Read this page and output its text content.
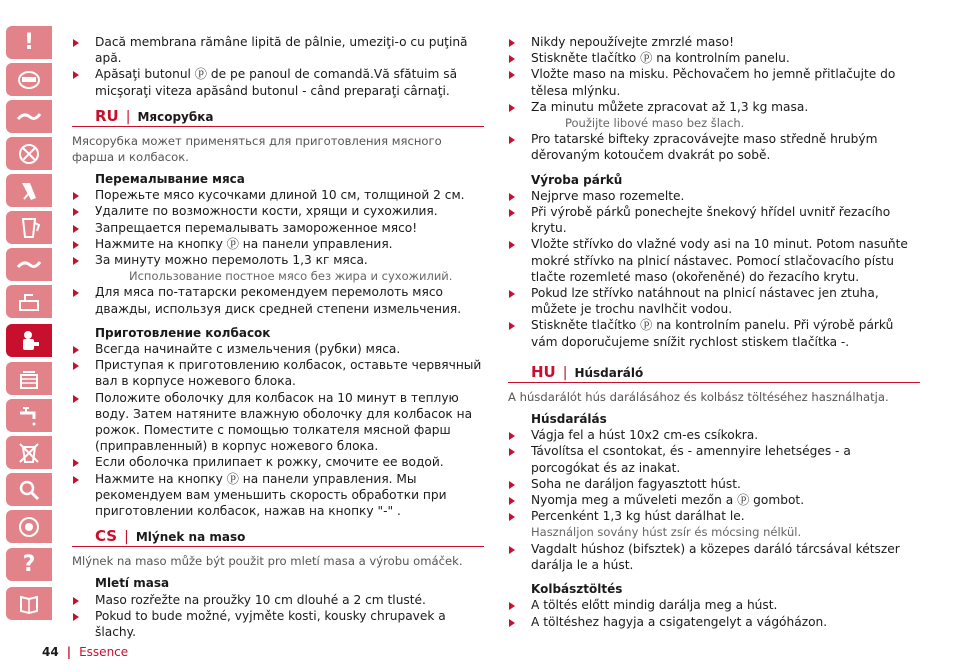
!
?

Dacă membrana rămâne lipită de pâlnie, umeziţi-o cu puţină apă.

Apăsaţi butonul ⓟ de pe panoul de comandă.Vă sfătuim să micşoraţi viteza apăsând butonul - când preparaţi cârnaţi.

RU | Мясорубка

Мясорубка может применяться для приготовления мясного фарша и колбасок.

Перемалывание мяса

Порежьте мясо кусочками длиной 10 см, толщиной 2 см.

Удалите по возможности кости, хрящи и сухожилия.

Запрещается перемалывать замороженное мясо!

Нажмите на кнопку ⓟ на панели управления.

За минуту можно перемолоть 1,3 кг мяса.

Использование постное мясо без жира и сухожилий.

Для мяса по-татарски рекомендуем перемолоть мясо дважды, используя диск средней степени измельчения.

Приготовление колбасок

Всегда начинайте с измельчения (рубки) мяса.

Приступая к приготовлению колбасок, оставьте червячный вал в корпусе ножевого блока.

Положите оболочку для колбасок на 10 минут в теплую воду. Затем натяните влажную оболочку для колбасок на рожок. Поместите с помощью толкателя мясной фарш (приправленный) в корпус ножевого блока.

Если оболочка прилипает к рожку, смочите ее водой.

Нажмите на кнопку ⓟ на панели управления. Мы рекомендуем вам уменьшить скорость обработки при приготовлении колбасок, нажав на кнопку "-" .

CS | Mlýnek na maso

Mlýnek na maso může být použit pro mletí masa a výrobu omáček.

Mletí masa

Maso rozřežte na proužky 10 cm dlouhé a 2 cm tlusté.

Pokud to bude možné, vyjměte kosti, kousky chrupavek a šlachy.

Nikdy nepoužívejte zmrzlé maso!

Stiskněte tlačítko ⓟ na kontrolním panelu.

Vložte maso na misku. Pěchovačem ho jemně přitlačujte do tělesa mlýnku.

Za minutu můžete zpracovat až 1,3 kg masa.

Použijte libové maso bez šlach.

Pro tatarské bifteky zpracovávejte maso středně hrubým děrovaným kotoučem dvakrát po sobě.

Výroba párků

Nejprve maso rozemelte.

Při výrobě párků ponechejte šnekový hřídel uvnitř řezacího krytu.

Vložte střívko do vlažné vody asi na 10 minut. Potom nasuňte mokré střívko na plnicí nástavec. Pomocí stlačovacího pístu tlačte rozemleté maso (okořeněné) do řezacího krytu.

Pokud lze střívko natáhnout na plnicí nástavec jen ztuha, můžete je trochu navlhčit vodou.

Stiskněte tlačítko ⓟ na kontrolním panelu. Při výrobě párků vám doporučujeme snížit rychlost stiskem tlačítka -.

HU | Húsdaráló

A húsdarálót hús darálásához és kolbász töltéséhez használhatja.

Húsdarálás

Vágja fel a húst 10x2 cm-es csíkokra.

Távolítsa el csontokat, és - amennyire lehetséges - a porcogókat és az inakat.

Soha ne daráljon fagyasztott húst.

Nyomja meg a műveleti mezőn a ⓟ gombot.

Percenként 1,3 kg húst darálhat le.

Használjon sovány húst zsír és mócsing nélkül.

Vagdalt húshoz (bifsztek) a közepes daráló tárcsával kétszer darálja le a húst.

Kolbásztöltés

A töltés előtt mindig darálja meg a húst.

A töltéshez hagyja a csigatengelyt a vágóházon.

44 | Essence
